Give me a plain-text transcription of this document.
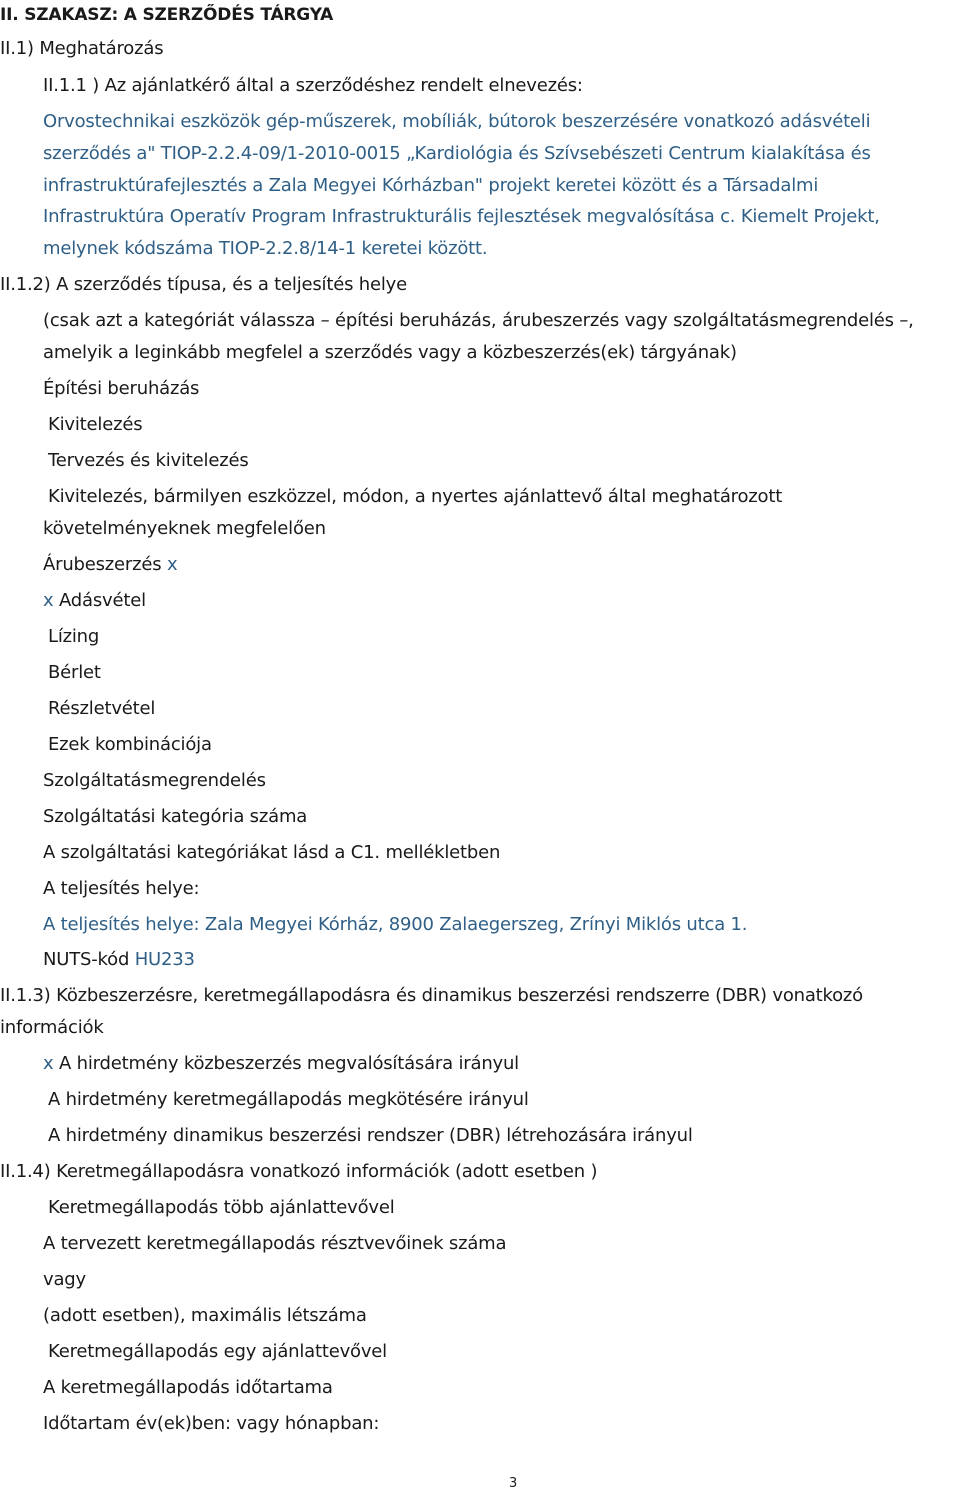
II. SZAKASZ: A SZERZŐDÉS TÁRGYA
II.1) Meghatározás
II.1.1 ) Az ajánlatkérő által a szerződéshez rendelt elnevezés:
Orvostechnikai eszközök gép-műszerek, mobíliák, bútorok beszerzésére vonatkozó adásvételi
szerződés a" TIOP-2.2.4-09/1-2010-0015 „Kardiológia és Szívsebészeti Centrum kialakítása és
infrastruktúrafejlesztés a Zala Megyei Kórházban" projekt keretei között és a Társadalmi
Infrastruktúra Operatív Program Infrastrukturális fejlesztések megvalósítása c. Kiemelt Projekt,
melynek kódszáma TIOP-2.2.8/14-1 keretei között.
II.1.2) A szerződés típusa, és a teljesítés helye
(csak azt a kategóriát válassza – építési beruházás, árubeszerzés vagy szolgáltatásmegrendelés –,
amelyik a leginkább megfelel a szerződés vagy a közbeszerzés(ek) tárgyának)
Építési beruházás
Kivitelezés
Tervezés és kivitelezés
Kivitelezés, bármilyen eszközzel, módon, a nyertes ajánlattevő által meghatározott
követelményeknek megfelelően
Árubeszerzés x
x Adásvétel
Lízing
Bérlet
Részletvétel
Ezek kombinációja
Szolgáltatásmegrendelés
Szolgáltatási kategória száma
A szolgáltatási kategóriákat lásd a C1. mellékletben
A teljesítés helye:
A teljesítés helye: Zala Megyei Kórház, 8900 Zalaegerszeg, Zrínyi Miklós utca 1.
NUTS-kód HU233
II.1.3) Közbeszerzésre, keretmegállapodásra és dinamikus beszerzési rendszerre (DBR) vonatkozó
információk
x A hirdetmény közbeszerzés megvalósítására irányul
A hirdetmény keretmegállapodás megkötésére irányul
A hirdetmény dinamikus beszerzési rendszer (DBR) létrehozására irányul
II.1.4) Keretmegállapodásra vonatkozó információk (adott esetben )
Keretmegállapodás több ajánlattevővel
A tervezett keretmegállapodás résztvevőinek száma
vagy
(adott esetben), maximális létszáma
Keretmegállapodás egy ajánlattevővel
A keretmegállapodás időtartama
Időtartam év(ek)ben: vagy hónapban:
3
